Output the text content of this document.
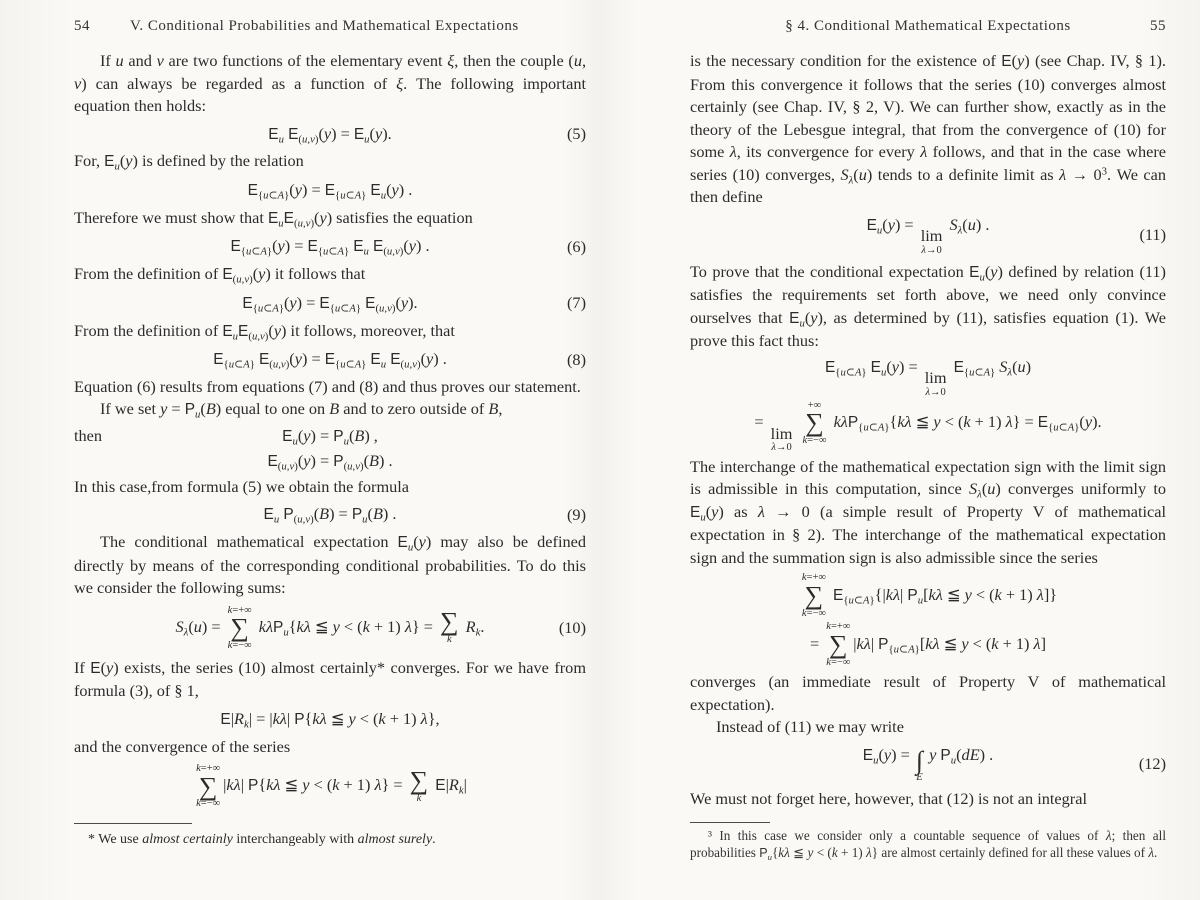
54	V. Conditional Probabilities and Mathematical Expectations

If u and v are two functions of the elementary event ξ, then the couple (u, v) can always be regarded as a function of ξ. The following important equation then holds:

$E_u$ $E_{(u,v)}(y) = E_u(y)$.	(5)

For, $E_u(y)$ is defined by the relation

$E_{\{u\subset A\}}(y) = E_{\{u\subset A\}}$ $E_u(y)$ .

Therefore we must show that $E_uE_{(u,v)}(y)$ satisfies the equation

$E_{\{u\subset A\}}(y) = E_{\{u\subset A\}}$ $E_u$ $E_{(u,v)}(y)$ .	(6)

From the definition of $E_{(u,v)}(y)$ it follows that

$E_{\{u\subset A\}}(y) = E_{\{u\subset A\}}$ $E_{(u,v)}(y)$.	(7)

From the definition of $E_uE_{(u,v)}(y)$ it follows, moreover, that

$E_{\{u\subset A\}}$ $E_{(u,v)}(y) = E_{\{u\subset A\}}$ $E_u$ $E_{(u,v)}(y)$ .	(8)

Equation (6) results from equations (7) and (8) and thus proves our statement.

If we set $y = P_u(B)$ equal to one on B and to zero outside of B,

then	$E_u(y) = P_u(B)$ ,
$E_{(u,v)}(y) = P_{(u,v)}(B)$ .

In this case,from formula (5) we obtain the formula

$E_u$ $P_{(u,v)}(B) = P_u(B)$ .	(9)

The conditional mathematical expectation $E_u(y)$ may also be defined directly by means of the corresponding conditional probabilities. To do this we consider the following sums:

$S_\lambda(u)$ =
k=+∞
∑
k=−∞
kλP$_u${kλ ≦ y < (k + 1) λ} = ∑
k
$R_k$.	(10)

If E(y) exists, the series (10) almost certainly* converges. For we have from formula (3), of § 1,

$E|R_k| = |k\lambda|$ P{kλ ≦ y < (k + 1) λ},

and the convergence of the series

k=+∞
∑
k=−∞
|kλ| P{kλ ≦ y < (k + 1) λ} = ∑
k
$E|R_k|$

* We use almost certainly interchangeably with almost surely.

§ 4. Conditional Mathematical Expectations	55

is the necessary condition for the existence of E(y) (see Chap. IV, § 1). From this convergence it follows that the series (10) converges almost certainly (see Chap. IV, § 2, V). We can further show, exactly as in the theory of the Lebesgue integral, that from the convergence of (10) for some λ, its convergence for every λ follows, and that in the case where series (10) converges, $S_\lambda(u)$ tends to a definite limit as $\lambda \to 0^3$. We can then define

$E_u(y)$ =
lim
λ→0
$S_\lambda(u)$ .
(11)

To prove that the conditional expectation $E_u(y)$ defined by relation (11) satisfies the requirements set forth above, we need only convince ourselves that $E_u(y)$, as determined by (11), satisfies equation (1). We prove this fact thus:

$E_{\{u\subset A\}}$ $E_u(y)$ =
lim
λ→0
$E_{\{u\subset A\}}$ $S_\lambda(u)$
=
lim
λ→0

+∞
∑
k=−∞
kλP$_{\{u\subset A\}}${kλ ≦ y < (k + 1) $\lambda\} = E_{\{u\subset A\}}(y)$.

The interchange of the mathematical expectation sign with the limit sign is admissible in this computation, since $S_\lambda(u)$ converges uniformly to $E_u(y)$ as λ → 0 (a simple result of Property V of mathematical expectation in § 2). The interchange of the mathematical expectation sign and the summation sign is also admissible since the series

k=+∞
∑
k=−∞
$E_{\{u\subset A\}}\{|k\lambda|$ $P_u[k\lambda$ ≦ y < (k + 1) λ]}
=
k=+∞
∑
k=−∞
|kλ| $P_{\{u\subset A\}}[k\lambda$ ≦ y < (k + 1) λ]

converges (an immediate result of Property V of mathematical expectation).

Instead of (11) we may write

$E_u(y)$ = ∫
E
y $P_u(dE)$ .	(12)

We must not forget here, however, that (12) is not an integral

³ In this case we consider only a countable sequence of values of λ; then all probabilities $P_u\{k\lambda$ ≦ y < (k + 1) λ} are almost certainly defined for all these values of λ.
